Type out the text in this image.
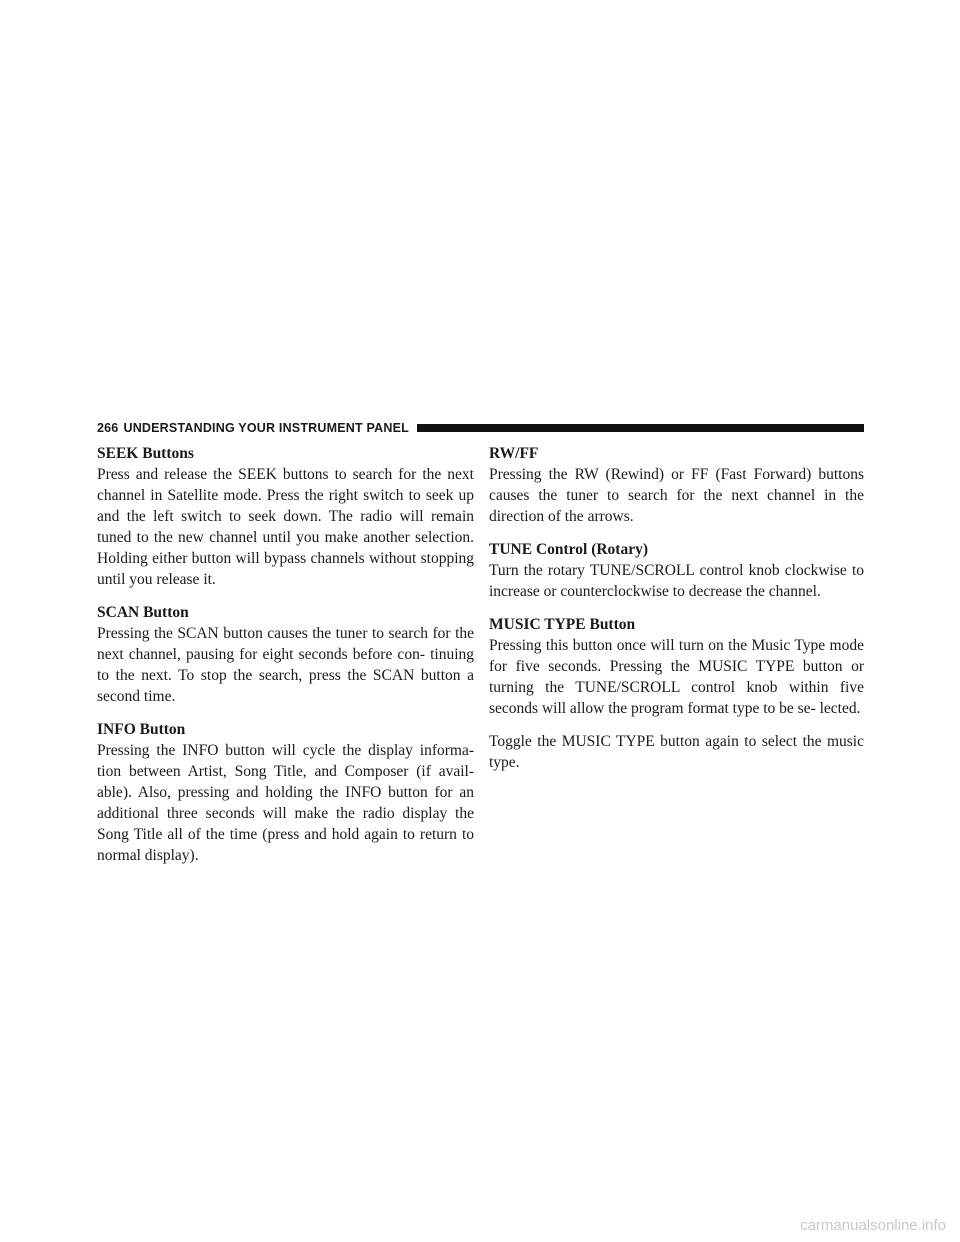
266 UNDERSTANDING YOUR INSTRUMENT PANEL

SEEK Buttons

Press and release the SEEK buttons to search for the next channel in Satellite mode. Press the right switch to seek up and the left switch to seek down. The radio will remain tuned to the new channel until you make another selection. Holding either button will bypass channels without stopping until you release it.

SCAN Button

Pressing the SCAN button causes the tuner to search for the next channel, pausing for eight seconds before con- tinuing to the next. To stop the search, press the SCAN button a second time.

INFO Button

Pressing the INFO button will cycle the display informa- tion between Artist, Song Title, and Composer (if avail- able). Also, pressing and holding the INFO button for an additional three seconds will make the radio display the Song Title all of the time (press and hold again to return to normal display).

RW/FF

Pressing the RW (Rewind) or FF (Fast Forward) buttons causes the tuner to search for the next channel in the direction of the arrows.

TUNE Control (Rotary)

Turn the rotary TUNE/SCROLL control knob clockwise to increase or counterclockwise to decrease the channel.

MUSIC TYPE Button

Pressing this button once will turn on the Music Type mode for five seconds. Pressing the MUSIC TYPE button or turning the TUNE/SCROLL control knob within five seconds will allow the program format type to be se- lected.

Toggle the MUSIC TYPE button again to select the music type.

carmanualsonline.info
